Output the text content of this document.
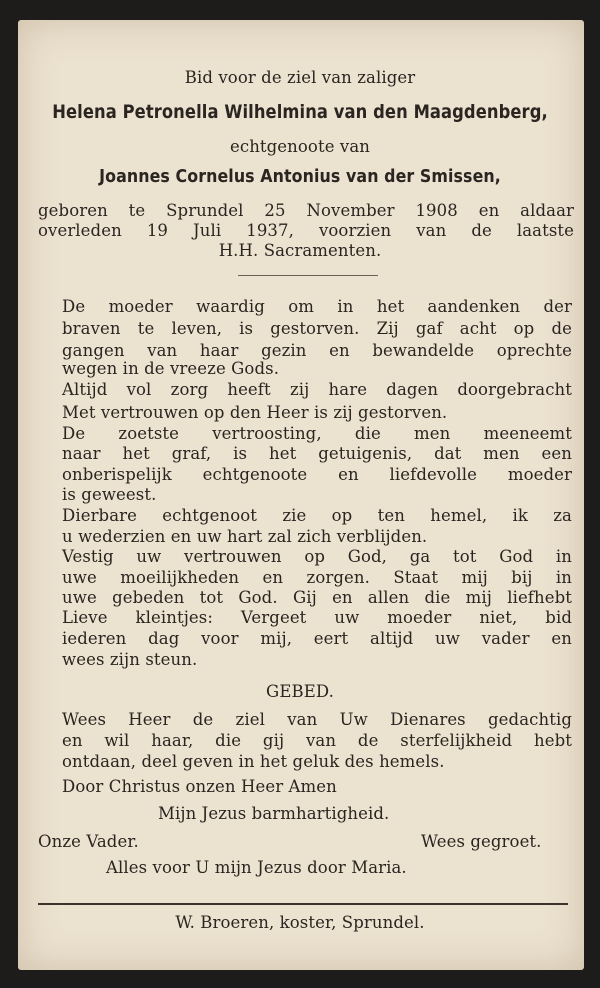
Bid voor de ziel van zaliger
Helena Petronella Wilhelmina van den Maagdenberg,
echtgenoote van
Joannes Cornelus Antonius van der Smissen,
geboren te Sprundel 25 November 1908 en aldaar
overleden 19 Juli 1937, voorzien van de laatste
H.H. Sacramenten.
De moeder waardig om in het aandenken der
braven te leven, is gestorven. Zij gaf acht op de
gangen van haar gezin en bewandelde oprechte
wegen in de vreeze Gods.
Altijd vol zorg heeft zij hare dagen doorgebracht
Met vertrouwen op den Heer is zij gestorven.
De zoetste vertroosting, die men meeneemt
naar het graf, is het getuigenis, dat men een
onberispelijk echtgenoote en liefdevolle moeder
is geweest.
Dierbare echtgenoot zie op ten hemel, ik za
u wederzien en uw hart zal zich verblijden.
Vestig uw vertrouwen op God, ga tot God in
uwe moeilijkheden en zorgen. Staat mij bij in
uwe gebeden tot God. Gij en allen die mij liefhebt
Lieve kleintjes: Vergeet uw moeder niet, bid
iederen dag voor mij, eert altijd uw vader en
wees zijn steun.
GEBED.
Wees Heer de ziel van Uw Dienares gedachtig
en wil haar, die gij van de sterfelijkheid hebt
ontdaan, deel geven in het geluk des hemels.
Door Christus onzen Heer Amen
Mijn Jezus barmhartigheid.
Onze Vader.	Wees gegroet.
Alles voor U mijn Jezus door Maria.
W. Broeren, koster, Sprundel.
